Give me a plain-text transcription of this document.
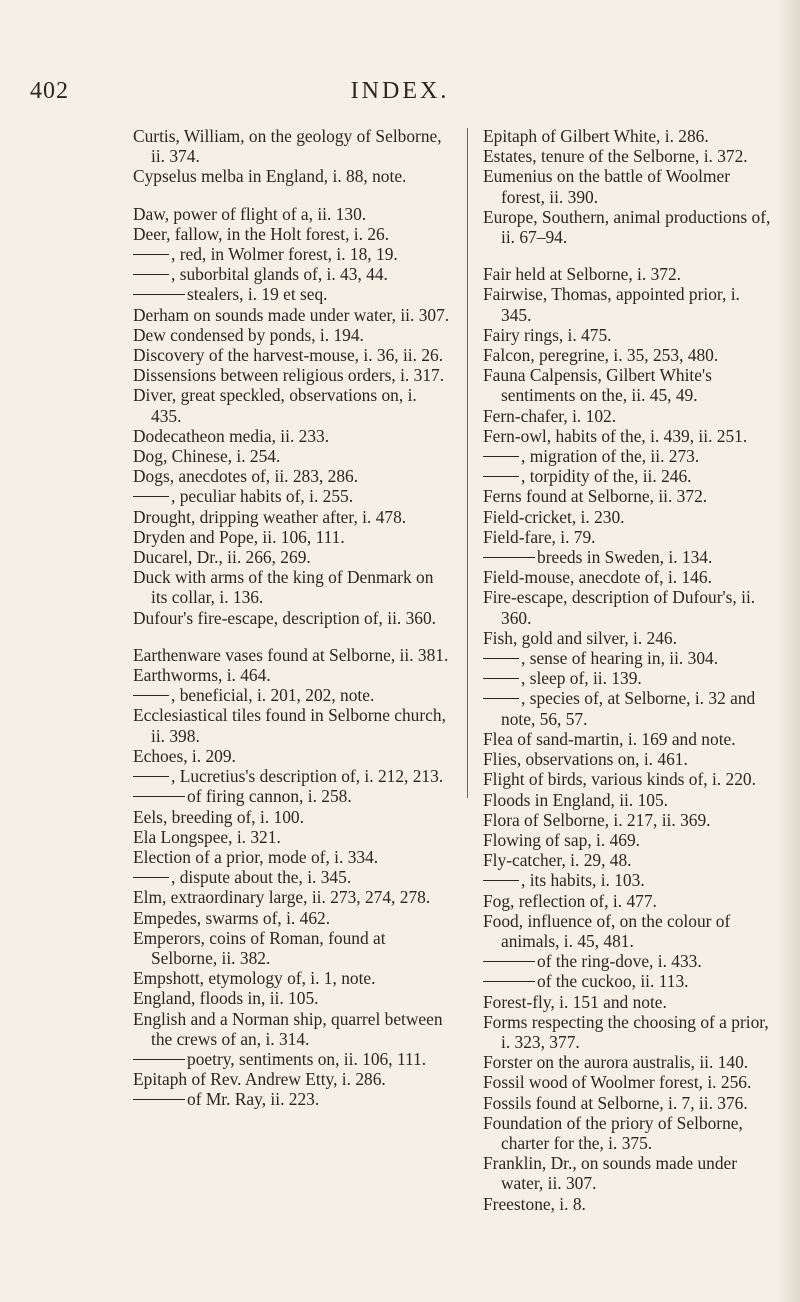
402	INDEX.

Curtis, William, on the geology of Selborne, ii. 374.

Cypselus melba in England, i. 88, note.

Daw, power of flight of a, ii. 130.

Deer, fallow, in the Holt forest, i. 26.

, red, in Wolmer forest, i. 18, 19.

, suborbital glands of, i. 43, 44.

stealers, i. 19 et seq.

Derham on sounds made under water, ii. 307.

Dew condensed by ponds, i. 194.

Discovery of the harvest-mouse, i. 36, ii. 26.

Dissensions between religious orders, i. 317.

Diver, great speckled, observations on, i. 435.

Dodecatheon media, ii. 233.

Dog, Chinese, i. 254.

Dogs, anecdotes of, ii. 283, 286.

, peculiar habits of, i. 255.

Drought, dripping weather after, i. 478.

Dryden and Pope, ii. 106, 111.

Ducarel, Dr., ii. 266, 269.

Duck with arms of the king of Denmark on its collar, i. 136.

Dufour's fire-escape, description of, ii. 360.

Earthenware vases found at Selborne, ii. 381.

Earthworms, i. 464.

, beneficial, i. 201, 202, note.

Ecclesiastical tiles found in Selborne church, ii. 398.

Echoes, i. 209.

, Lucretius's description of, i. 212, 213.

of firing cannon, i. 258.

Eels, breeding of, i. 100.

Ela Longspee, i. 321.

Election of a prior, mode of, i. 334.

, dispute about the, i. 345.

Elm, extraordinary large, ii. 273, 274, 278.

Empedes, swarms of, i. 462.

Emperors, coins of Roman, found at Selborne, ii. 382.

Empshott, etymology of, i. 1, note.

England, floods in, ii. 105.

English and a Norman ship, quarrel between the crews of an, i. 314.

poetry, sentiments on, ii. 106, 111.

Epitaph of Rev. Andrew Etty, i. 286.

of Mr. Ray, ii. 223.

Epitaph of Gilbert White, i. 286.

Estates, tenure of the Selborne, i. 372.

Eumenius on the battle of Woolmer forest, ii. 390.

Europe, Southern, animal productions of, ii. 67–94.

Fair held at Selborne, i. 372.

Fairwise, Thomas, appointed prior, i. 345.

Fairy rings, i. 475.

Falcon, peregrine, i. 35, 253, 480.

Fauna Calpensis, Gilbert White's sentiments on the, ii. 45, 49.

Fern-chafer, i. 102.

Fern-owl, habits of the, i. 439, ii. 251.

, migration of the, ii. 273.

, torpidity of the, ii. 246.

Ferns found at Selborne, ii. 372.

Field-cricket, i. 230.

Field-fare, i. 79.

breeds in Sweden, i. 134.

Field-mouse, anecdote of, i. 146.

Fire-escape, description of Dufour's, ii. 360.

Fish, gold and silver, i. 246.

, sense of hearing in, ii. 304.

, sleep of, ii. 139.

, species of, at Selborne, i. 32 and note, 56, 57.

Flea of sand-martin, i. 169 and note.

Flies, observations on, i. 461.

Flight of birds, various kinds of, i. 220.

Floods in England, ii. 105.

Flora of Selborne, i. 217, ii. 369.

Flowing of sap, i. 469.

Fly-catcher, i. 29, 48.

, its habits, i. 103.

Fog, reflection of, i. 477.

Food, influence of, on the colour of animals, i. 45, 481.

of the ring-dove, i. 433.

of the cuckoo, ii. 113.

Forest-fly, i. 151 and note.

Forms respecting the choosing of a prior, i. 323, 377.

Forster on the aurora australis, ii. 140.

Fossil wood of Woolmer forest, i. 256.

Fossils found at Selborne, i. 7, ii. 376.

Foundation of the priory of Selborne, charter for the, i. 375.

Franklin, Dr., on sounds made under water, ii. 307.

Freestone, i. 8.
